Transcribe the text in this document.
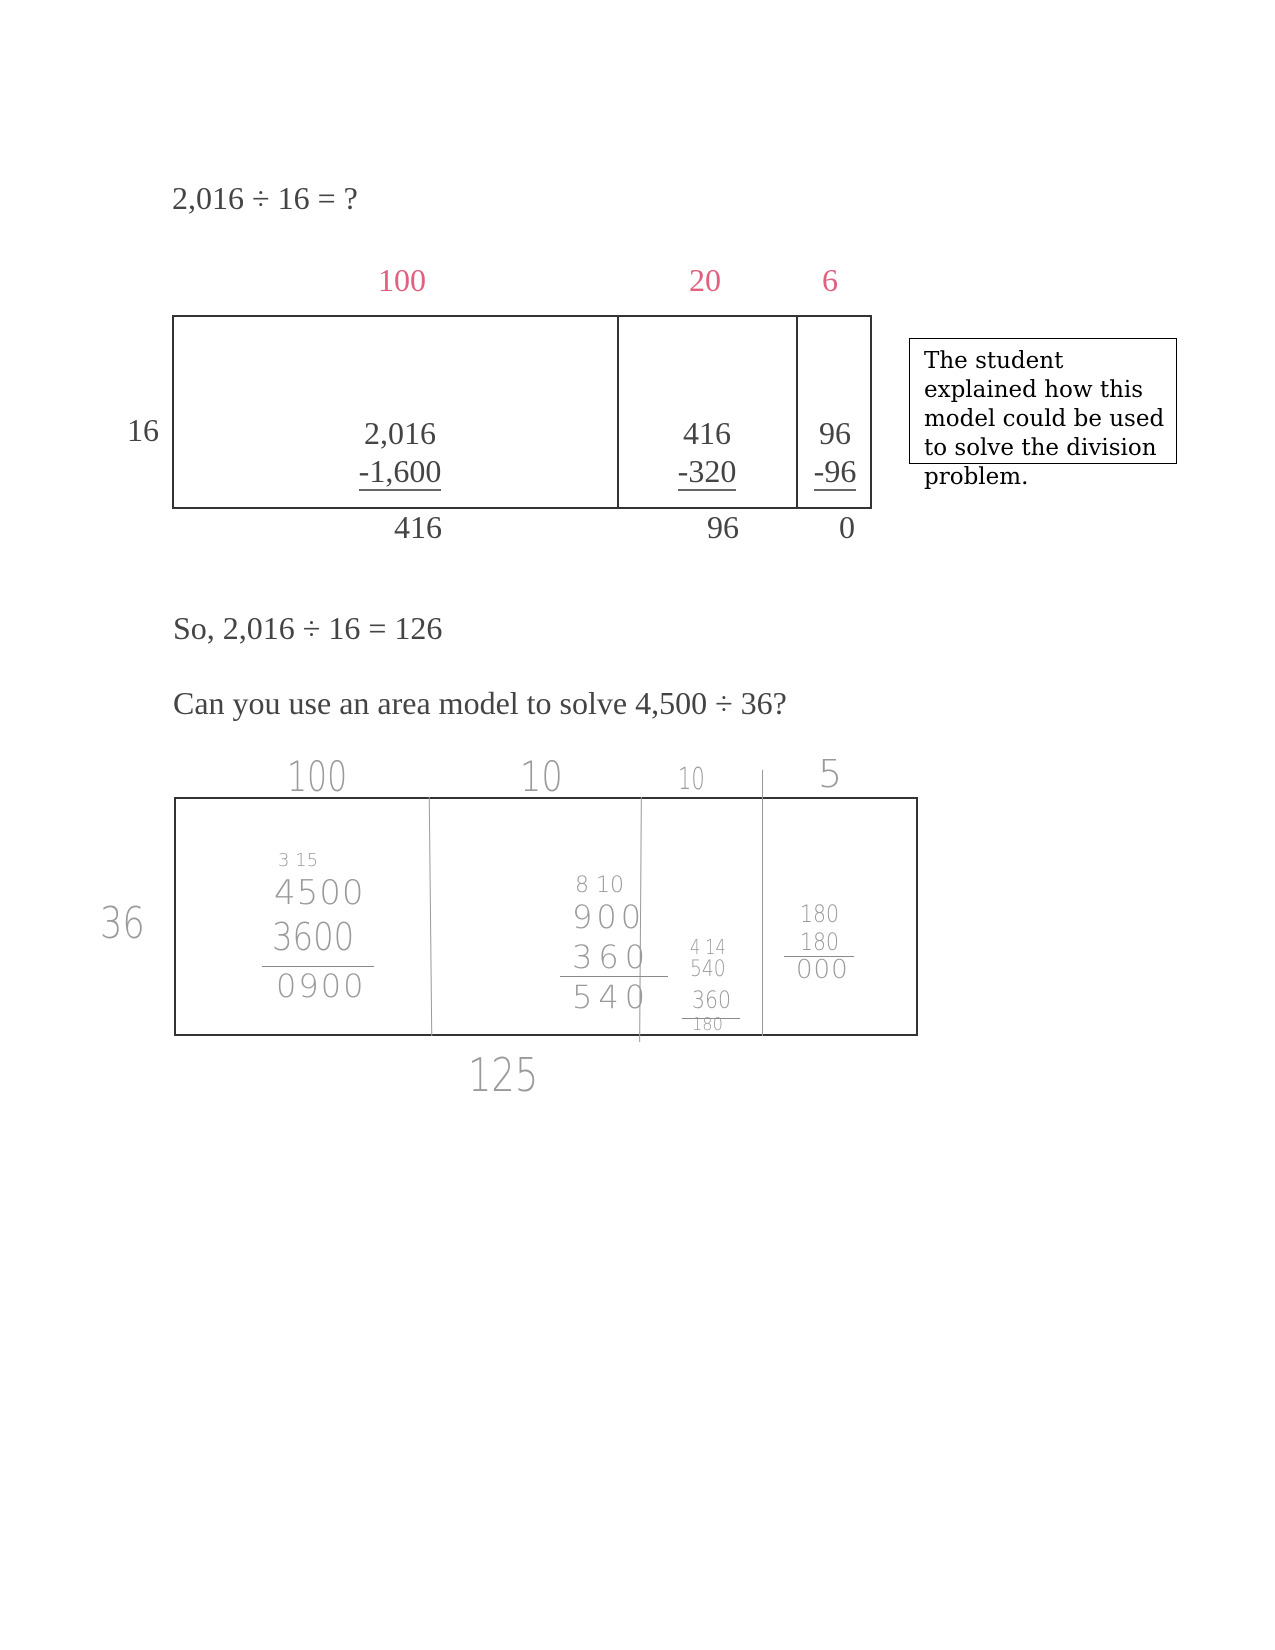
2,016 ÷ 16 = ?
100	20	6
16	2,016
-1,600
416
416
-320
96
96
-96
0
The student explained how this model could be used to solve the division problem.
So, 2,016 ÷ 16 = 126
Can you use an area model to solve 4,500 ÷ 36?
100	10	10	5
36
3 15
4500
3600
0900
8 10
900
360
540
4 14
540
360
180
180
180
000
125
